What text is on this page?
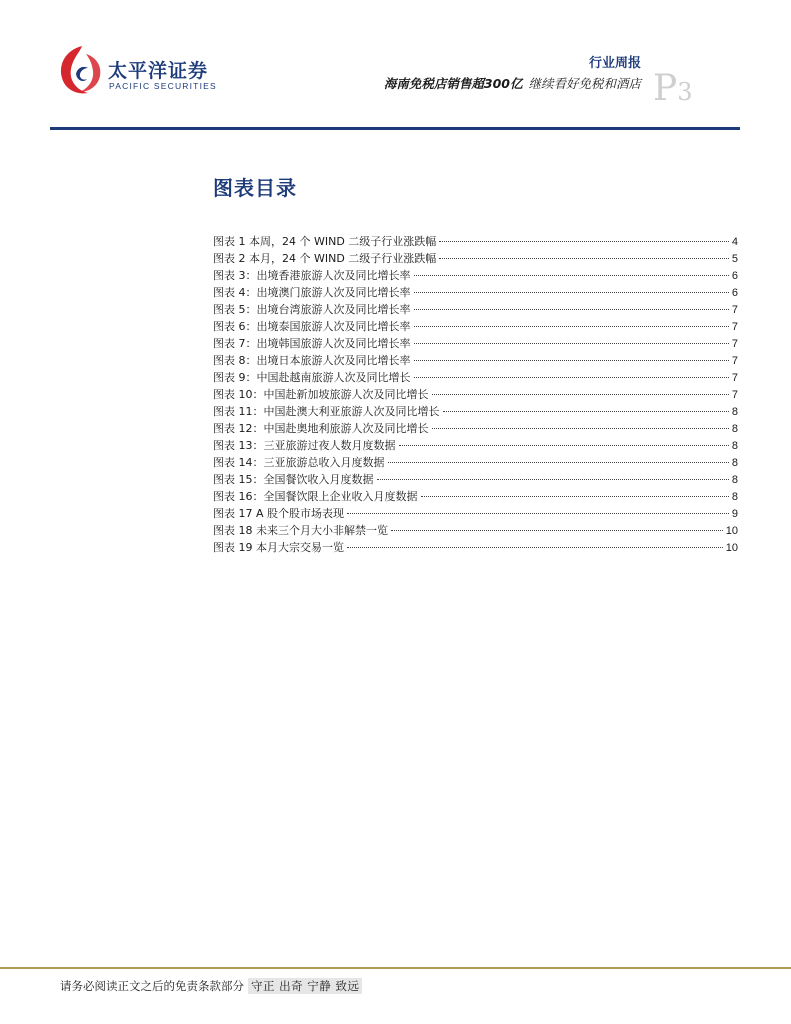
太平洋证券
PACIFIC SECURITIES
行业周报
海南免税店销售超300亿 继续看好免税和酒店 P3
图表目录
图表 1 本周，24 个 WIND 二级子行业涨跌幅	4
图表 2 本月，24 个 WIND 二级子行业涨跌幅	5
图表 3：出境香港旅游人次及同比增长率	6
图表 4：出境澳门旅游人次及同比增长率	6
图表 5：出境台湾旅游人次及同比增长率	7
图表 6：出境泰国旅游人次及同比增长率	7
图表 7：出境韩国旅游人次及同比增长率	7
图表 8：出境日本旅游人次及同比增长率	7
图表 9：中国赴越南旅游人次及同比增长	7
图表 10：中国赴新加坡旅游人次及同比增长	7
图表 11：中国赴澳大利亚旅游人次及同比增长	8
图表 12：中国赴奥地利旅游人次及同比增长	8
图表 13：三亚旅游过夜人数月度数据	8
图表 14：三亚旅游总收入月度数据	8
图表 15：全国餐饮收入月度数据	8
图表 16：全国餐饮限上企业收入月度数据	8
图表 17 A 股个股市场表现	9
图表 18 未来三个月大小非解禁一览	10
图表 19 本月大宗交易一览	10
请务必阅读正文之后的免责条款部分 守正 出奇 宁静 致远
